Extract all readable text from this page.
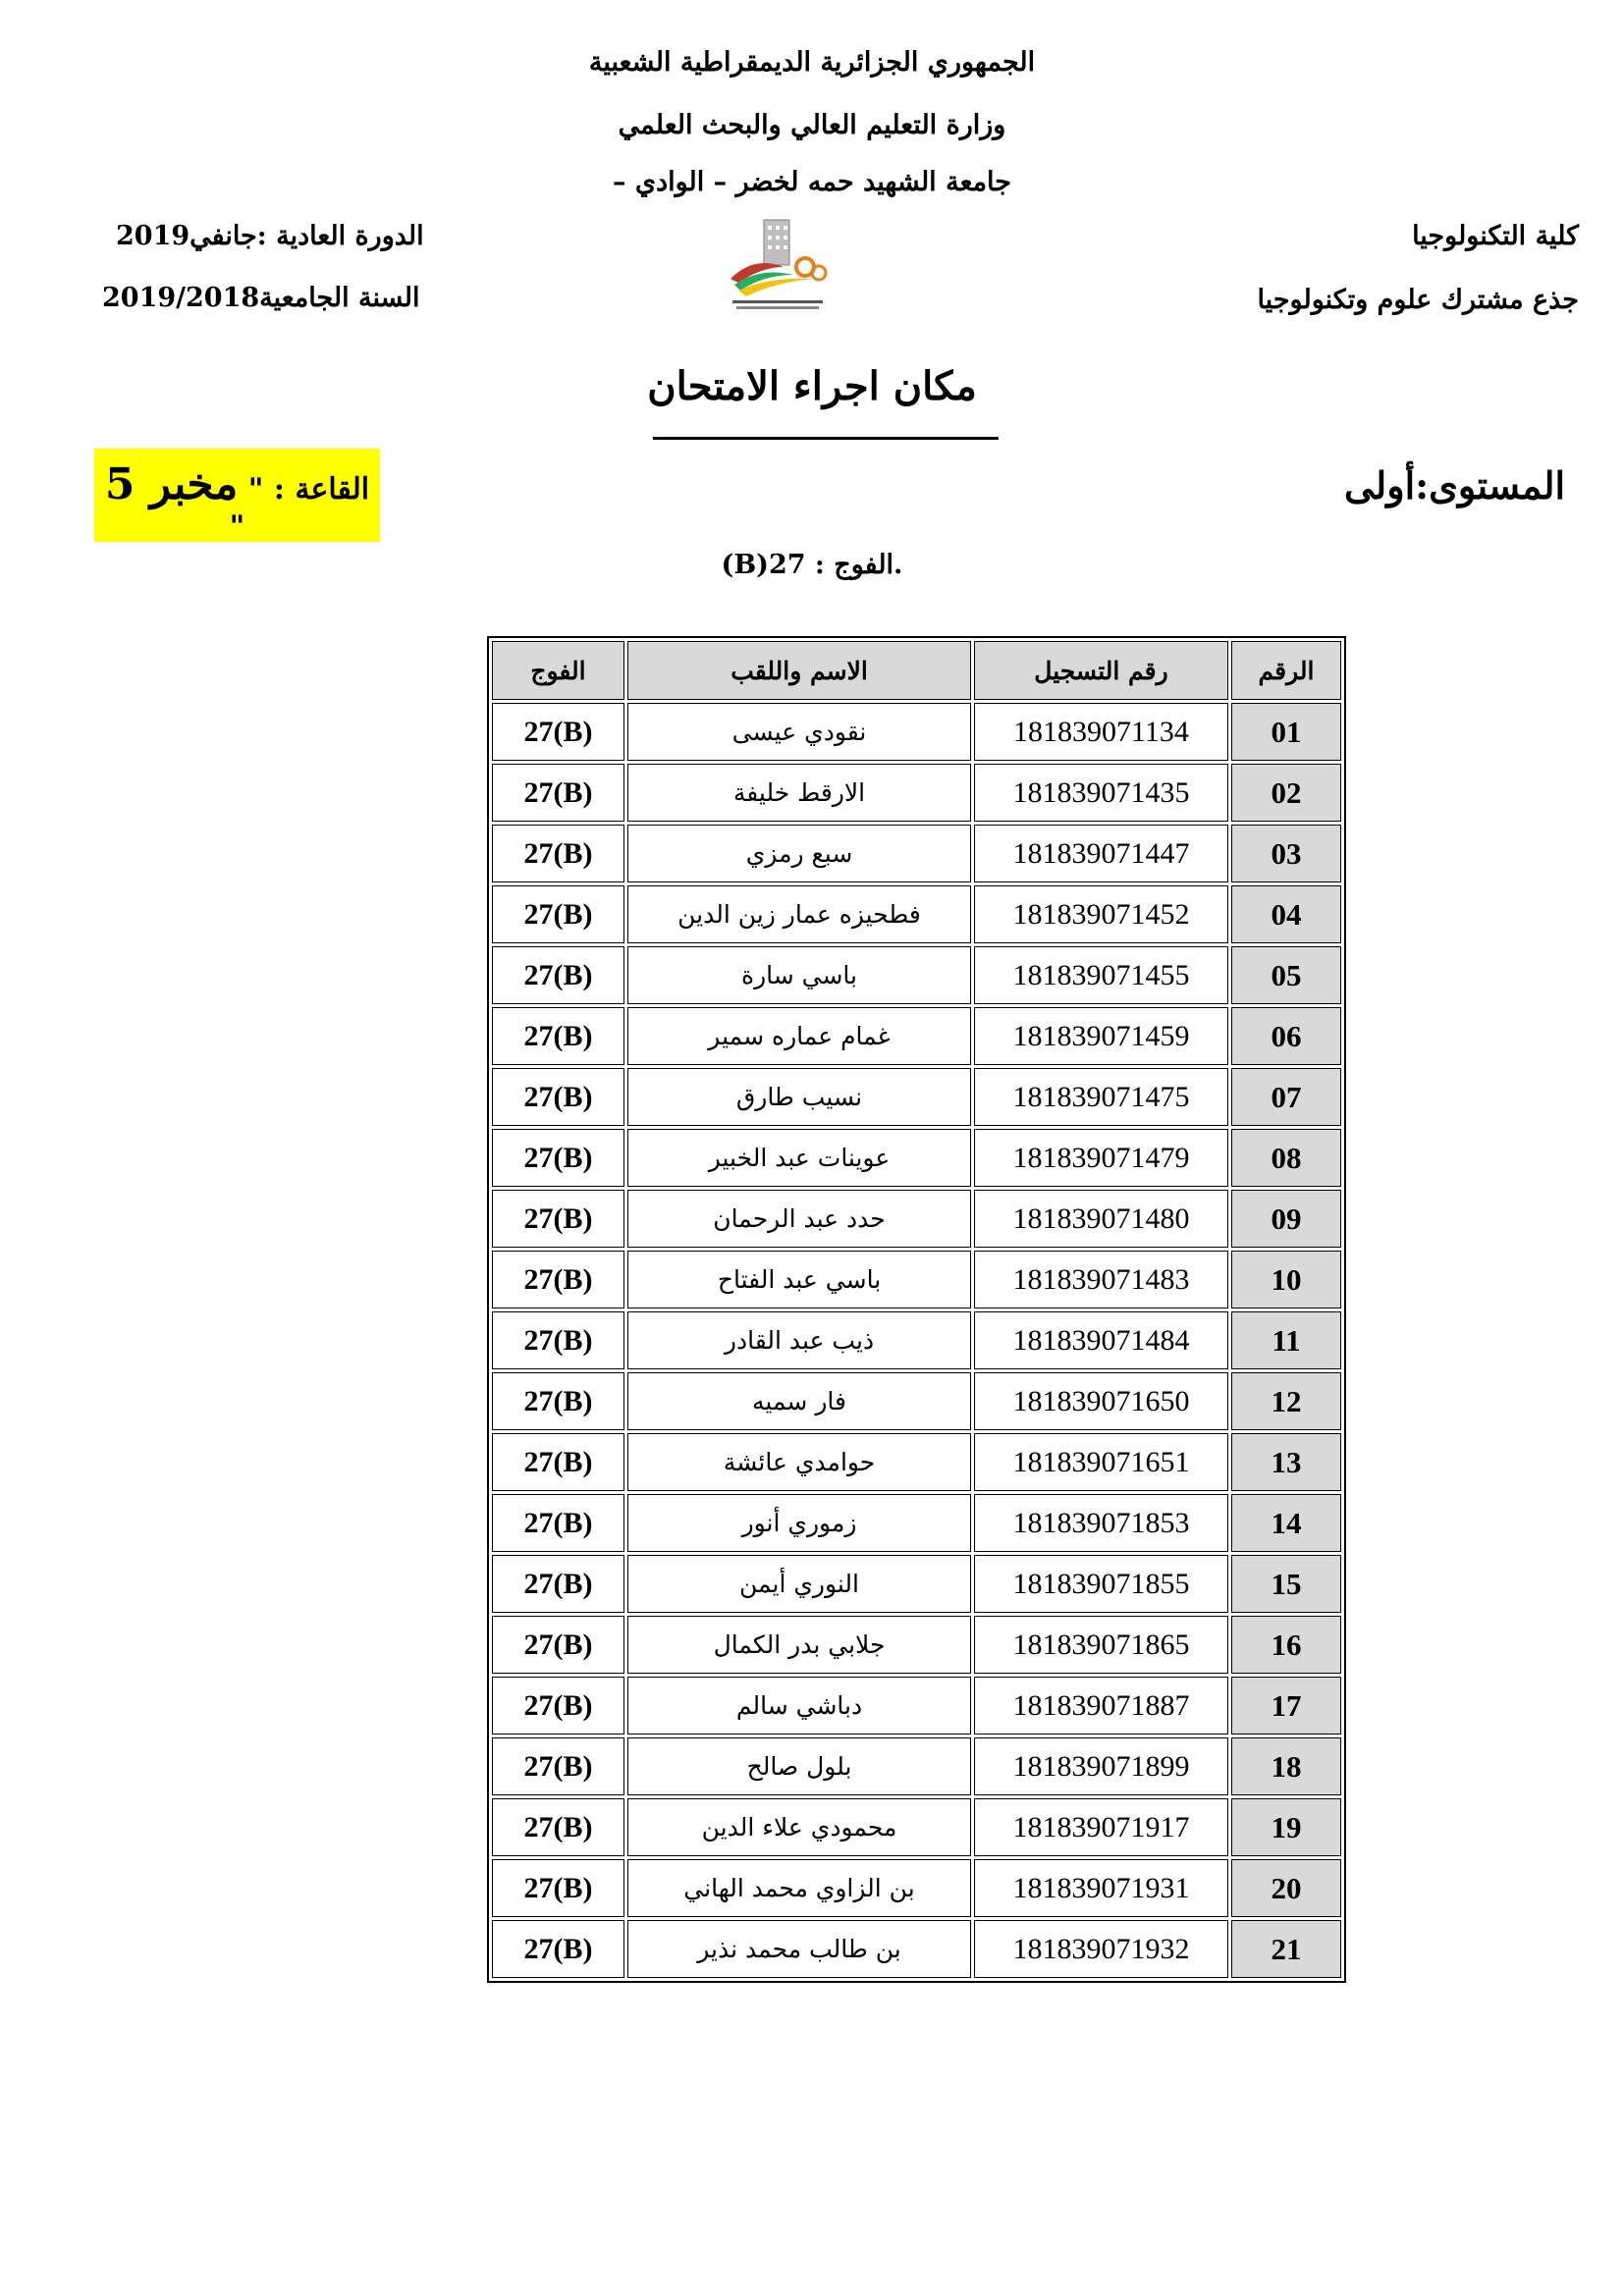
الجمهوري الجزائرية الديمقراطية الشعبية
وزارة التعليم العالي والبحث العلمي
جامعة الشهيد حمه لخضر – الوادي –
كلية التكنولوجيا
جذع مشترك علوم وتكنولوجيا
الدورة العادية :جانفي2019
السنة الجامعية2019/2018
مكان اجراء الامتحان
القاعة : " مخبر 5 "
المستوى:أولى
.الفوج : 27(B)
الرقم	رقم التسجيل	الاسم واللقب	الفوج
01	181839071134	نقودي عيسى	27(B)
02	181839071435	الارقط خليفة	27(B)
03	181839071447	سبع رمزي	27(B)
04	181839071452	فطحيزه عمار زين الدين	27(B)
05	181839071455	باسي سارة	27(B)
06	181839071459	غمام عماره سمير	27(B)
07	181839071475	نسيب طارق	27(B)
08	181839071479	عوينات عبد الخبير	27(B)
09	181839071480	حدد عبد الرحمان	27(B)
10	181839071483	باسي عبد الفتاح	27(B)
11	181839071484	ذيب عبد القادر	27(B)
12	181839071650	فار سميه	27(B)
13	181839071651	حوامدي عائشة	27(B)
14	181839071853	زموري أنور	27(B)
15	181839071855	النوري أيمن	27(B)
16	181839071865	جلابي بدر الكمال	27(B)
17	181839071887	دباشي سالم	27(B)
18	181839071899	بلول صالح	27(B)
19	181839071917	محمودي علاء الدين	27(B)
20	181839071931	بن الزاوي محمد الهاني	27(B)
21	181839071932	بن طالب محمد نذير	27(B)
